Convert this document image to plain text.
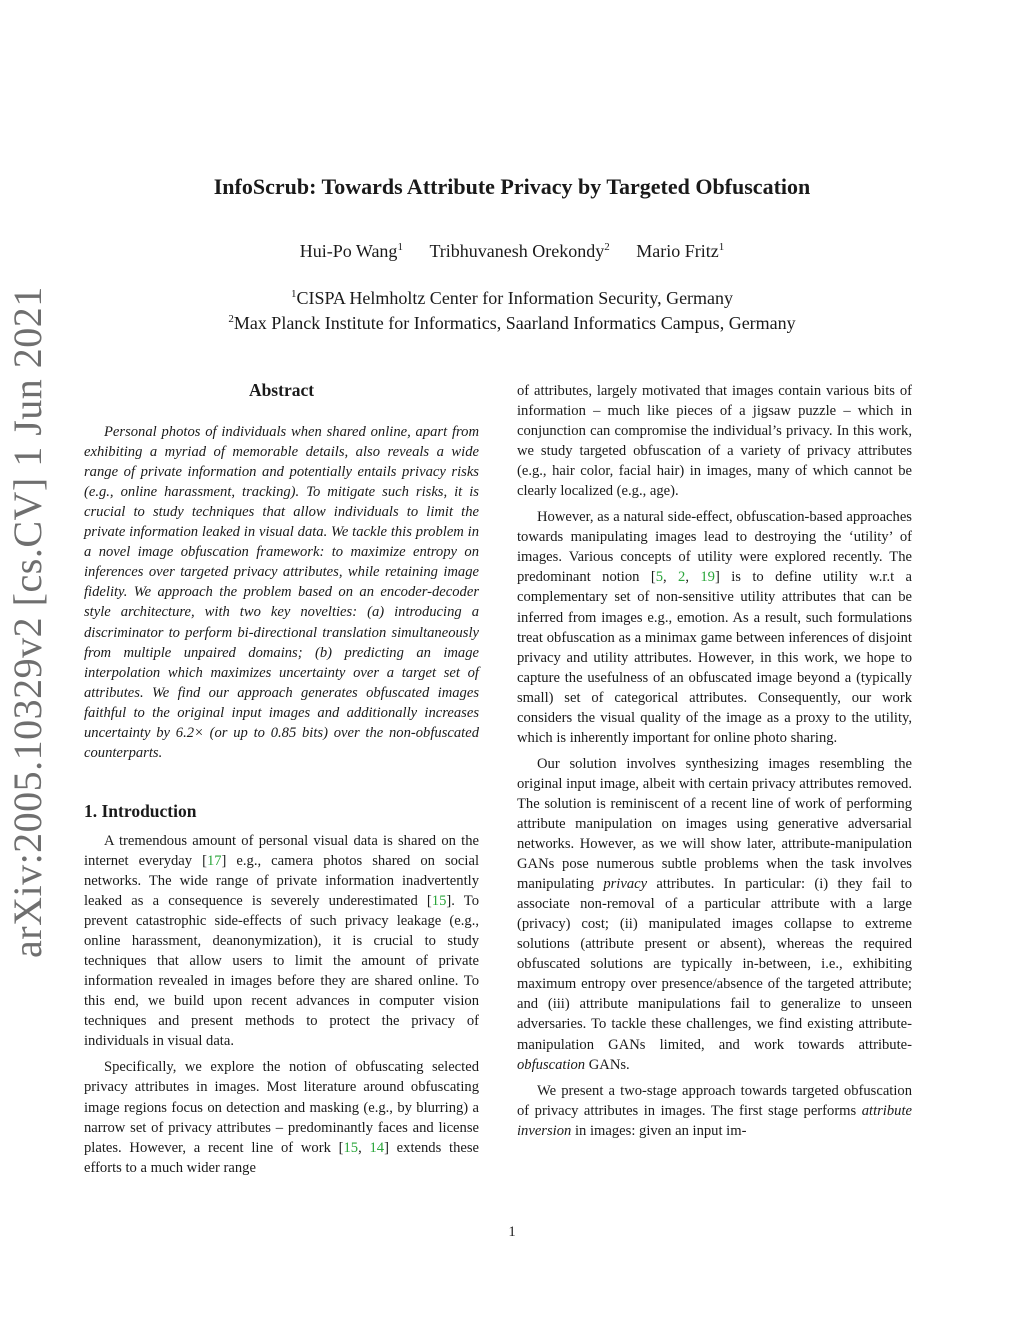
arXiv:2005.10329v2 [cs.CV] 1 Jun 2021
InfoScrub: Towards Attribute Privacy by Targeted Obfuscation
Hui-Po Wang$^1$ Tribhuvanesh Orekondy$^2$ Mario Fritz$^1$
$^1$CISPA Helmholtz Center for Information Security, Germany
$^2$Max Planck Institute for Informatics, Saarland Informatics Campus, Germany
Abstract

Personal photos of individuals when shared online, apart from exhibiting a myriad of memorable details, also reveals a wide range of private information and potentially entails privacy risks (e.g., online harassment, tracking). To mitigate such risks, it is crucial to study techniques that allow individuals to limit the private information leaked in visual data. We tackle this problem in a novel image obfuscation framework: to maximize entropy on inferences over targeted privacy attributes, while retaining image fidelity. We approach the problem based on an encoder-decoder style architecture, with two key novelties: (a) introducing a discriminator to perform bi-directional translation simultaneously from multiple unpaired domains; (b) predicting an image interpolation which maximizes uncertainty over a target set of attributes. We find our approach generates obfuscated images faithful to the original input images and additionally increases uncertainty by 6.2× (or up to 0.85 bits) over the non-obfuscated counterparts.

1. Introduction

A tremendous amount of personal visual data is shared on the internet everyday [17] e.g., camera photos shared on social networks. The wide range of private information inadvertently leaked as a consequence is severely underestimated [15]. To prevent catastrophic side-effects of such privacy leakage (e.g., online harassment, deanonymization), it is crucial to study techniques that allow users to limit the amount of private information revealed in images before they are shared online. To this end, we build upon recent advances in computer vision techniques and present methods to protect the privacy of individuals in visual data.

Specifically, we explore the notion of obfuscating selected privacy attributes in images. Most literature around obfuscating image regions focus on detection and masking (e.g., by blurring) a narrow set of privacy attributes – predominantly faces and license plates. However, a recent line of work [15, 14] extends these efforts to a much wider range

of attributes, largely motivated that images contain various bits of information – much like pieces of a jigsaw puzzle – which in conjunction can compromise the individual’s privacy. In this work, we study targeted obfuscation of a variety of privacy attributes (e.g., hair color, facial hair) in images, many of which cannot be clearly localized (e.g., age).

However, as a natural side-effect, obfuscation-based approaches towards manipulating images lead to destroying the ‘utility’ of images. Various concepts of utility were explored recently. The predominant notion [5, 2, 19] is to define utility w.r.t a complementary set of non-sensitive utility attributes that can be inferred from images e.g., emotion. As a result, such formulations treat obfuscation as a minimax game between inferences of disjoint privacy and utility attributes. However, in this work, we hope to capture the usefulness of an obfuscated image beyond a (typically small) set of categorical attributes. Consequently, our work considers the visual quality of the image as a proxy to the utility, which is inherently important for online photo sharing.

Our solution involves synthesizing images resembling the original input image, albeit with certain privacy attributes removed. The solution is reminiscent of a recent line of work of performing attribute manipulation on images using generative adversarial networks. However, as we will show later, attribute-manipulation GANs pose numerous subtle problems when the task involves manipulating privacy attributes. In particular: (i) they fail to associate non-removal of a particular attribute with a large (privacy) cost; (ii) manipulated images collapse to extreme solutions (attribute present or absent), whereas the required obfuscated solutions are typically in-between, i.e., exhibiting maximum entropy over presence/absence of the targeted attribute; and (iii) attribute manipulations fail to generalize to unseen adversaries. To tackle these challenges, we find existing attribute-manipulation GANs limited, and work towards attribute-obfuscation GANs.

We present a two-stage approach towards targeted obfuscation of privacy attributes in images. The first stage performs attribute inversion in images: given an input im-

1
